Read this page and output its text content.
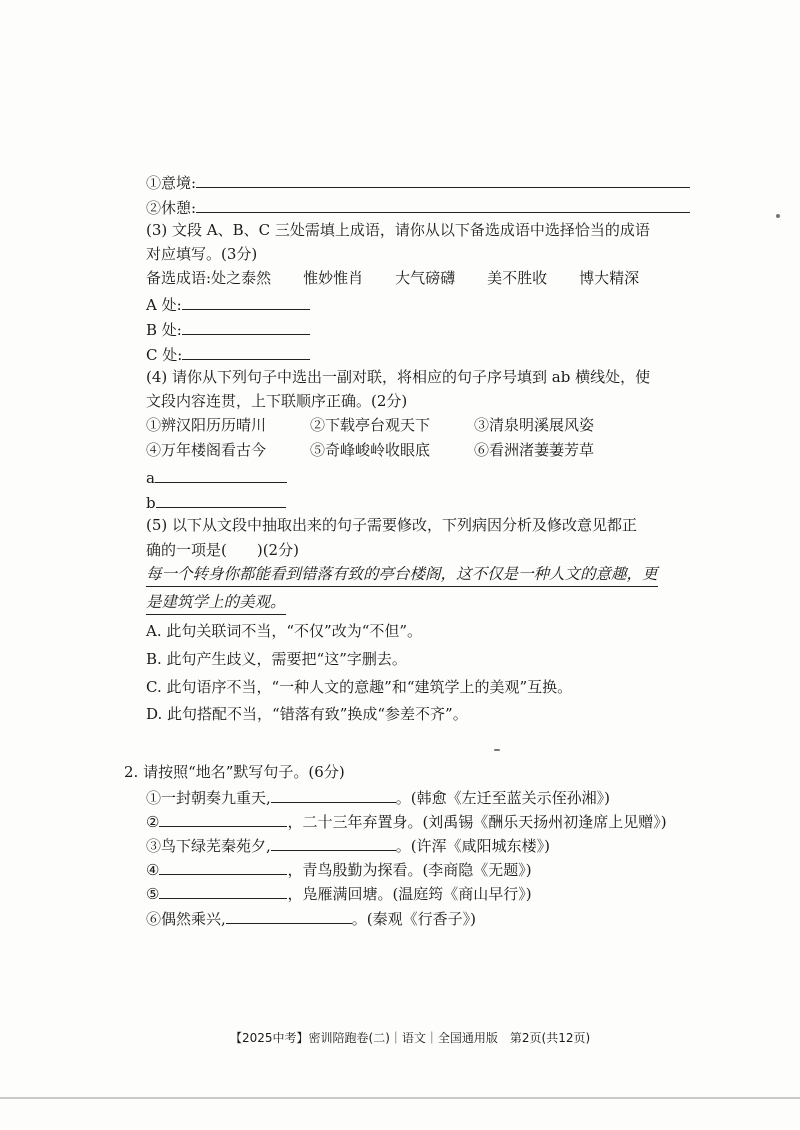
①意境:
②休憩:
(3) 文段 A、B、C 三处需填上成语，请你从以下备选成语中选择恰当的成语
对应填写。(3分)
备选成语:处之泰然 惟妙惟肖 大气磅礴 美不胜收 博大精深
A 处:
B 处:
C 处:
(4) 请你从下列句子中选出一副对联，将相应的句子序号填到 ab 横线处，使
文段内容连贯，上下联顺序正确。(2分)
①辨汉阳历历晴川	②下载亭台观天下	③清泉明溪展风姿
④万年楼阁看古今	⑤奇峰峻岭收眼底	⑥看洲渚萋萋芳草
a
b
(5) 以下从文段中抽取出来的句子需要修改，下列病因分析及修改意见都正
确的一项是(　　)(2分)
每一个转身你都能看到错落有致的亭台楼阁，这不仅是一种人文的意趣，更
是建筑学上的美观。
A. 此句关联词不当，“不仅”改为“不但”。
B. 此句产生歧义，需要把“这”字删去。
C. 此句语序不当，“一种人文的意趣”和“建筑学上的美观”互换。
D. 此句搭配不当，“错落有致”换成“参差不齐”。
2. 请按照“地名”默写句子。(6分)
①一封朝奏九重天,	。(韩愈《左迁至蓝关示侄孙湘》)
②	，二十三年弃置身。(刘禹锡《酬乐天扬州初逢席上见赠》)
③鸟下绿芜秦苑夕,	。(许浑《咸阳城东楼》)
④	，青鸟殷勤为探看。(李商隐《无题》)
⑤	，凫雁满回塘。(温庭筠《商山早行》)
⑥偶然乘兴,	。(秦观《行香子》)
【2025中考】密训陪跑卷(二)｜语文｜全国通用版　第2页(共12页)
